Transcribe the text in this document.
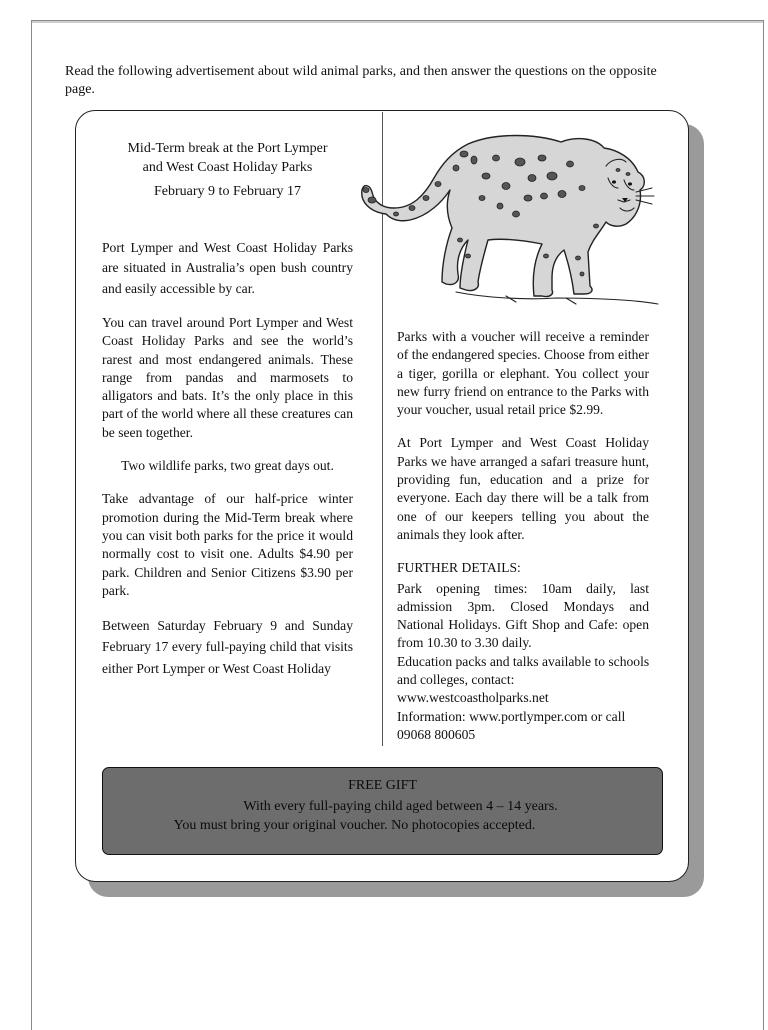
Read the following advertisement about wild animal parks, and then answer the questions on the opposite page.
Mid-Term break at the Port Lymper
and West Coast Holiday Parks
February 9 to February 17

Port Lymper and West Coast Holiday Parks are situated in Australia’s open bush country and easily accessible by car.

You can travel around Port Lymper and West Coast Holiday Parks and see the world’s rarest and most endangered animals. These range from pandas and marmosets to alligators and bats. It’s the only place in this part of the world where all these creatures can be seen together.

Two wildlife parks, two great days out.

Take advantage of our half-price winter promotion during the Mid-Term break where you can visit both parks for the price it would normally cost to visit one. Adults $4.90 per park. Children and Senior Citizens $3.90 per park.

Between Saturday February 9 and Sunday February 17 every full-paying child that visits either Port Lymper or West Coast Holiday

Parks with a voucher will receive a reminder of the endangered species. Choose from either a tiger, gorilla or elephant. You collect your new furry friend on entrance to the Parks with your voucher, usual retail price $2.99.

At Port Lymper and West Coast Holiday Parks we have arranged a safari treasure hunt, providing fun, education and a prize for everyone. Each day there will be a talk from one of our keepers telling you about the animals they look after.

FURTHER DETAILS:

Park opening times: 10am daily, last admission 3pm. Closed Mondays and National Holidays. Gift Shop and Cafe: open from 10.30 to 3.30 daily.

Education packs and talks available to schools
and colleges, contact:
www.westcoastholparks.net
Information: www.portlymper.com or call
09068 800605
FREE GIFT
With every full-paying child aged between 4 – 14 years.
You must bring your original voucher. No photocopies accepted.
